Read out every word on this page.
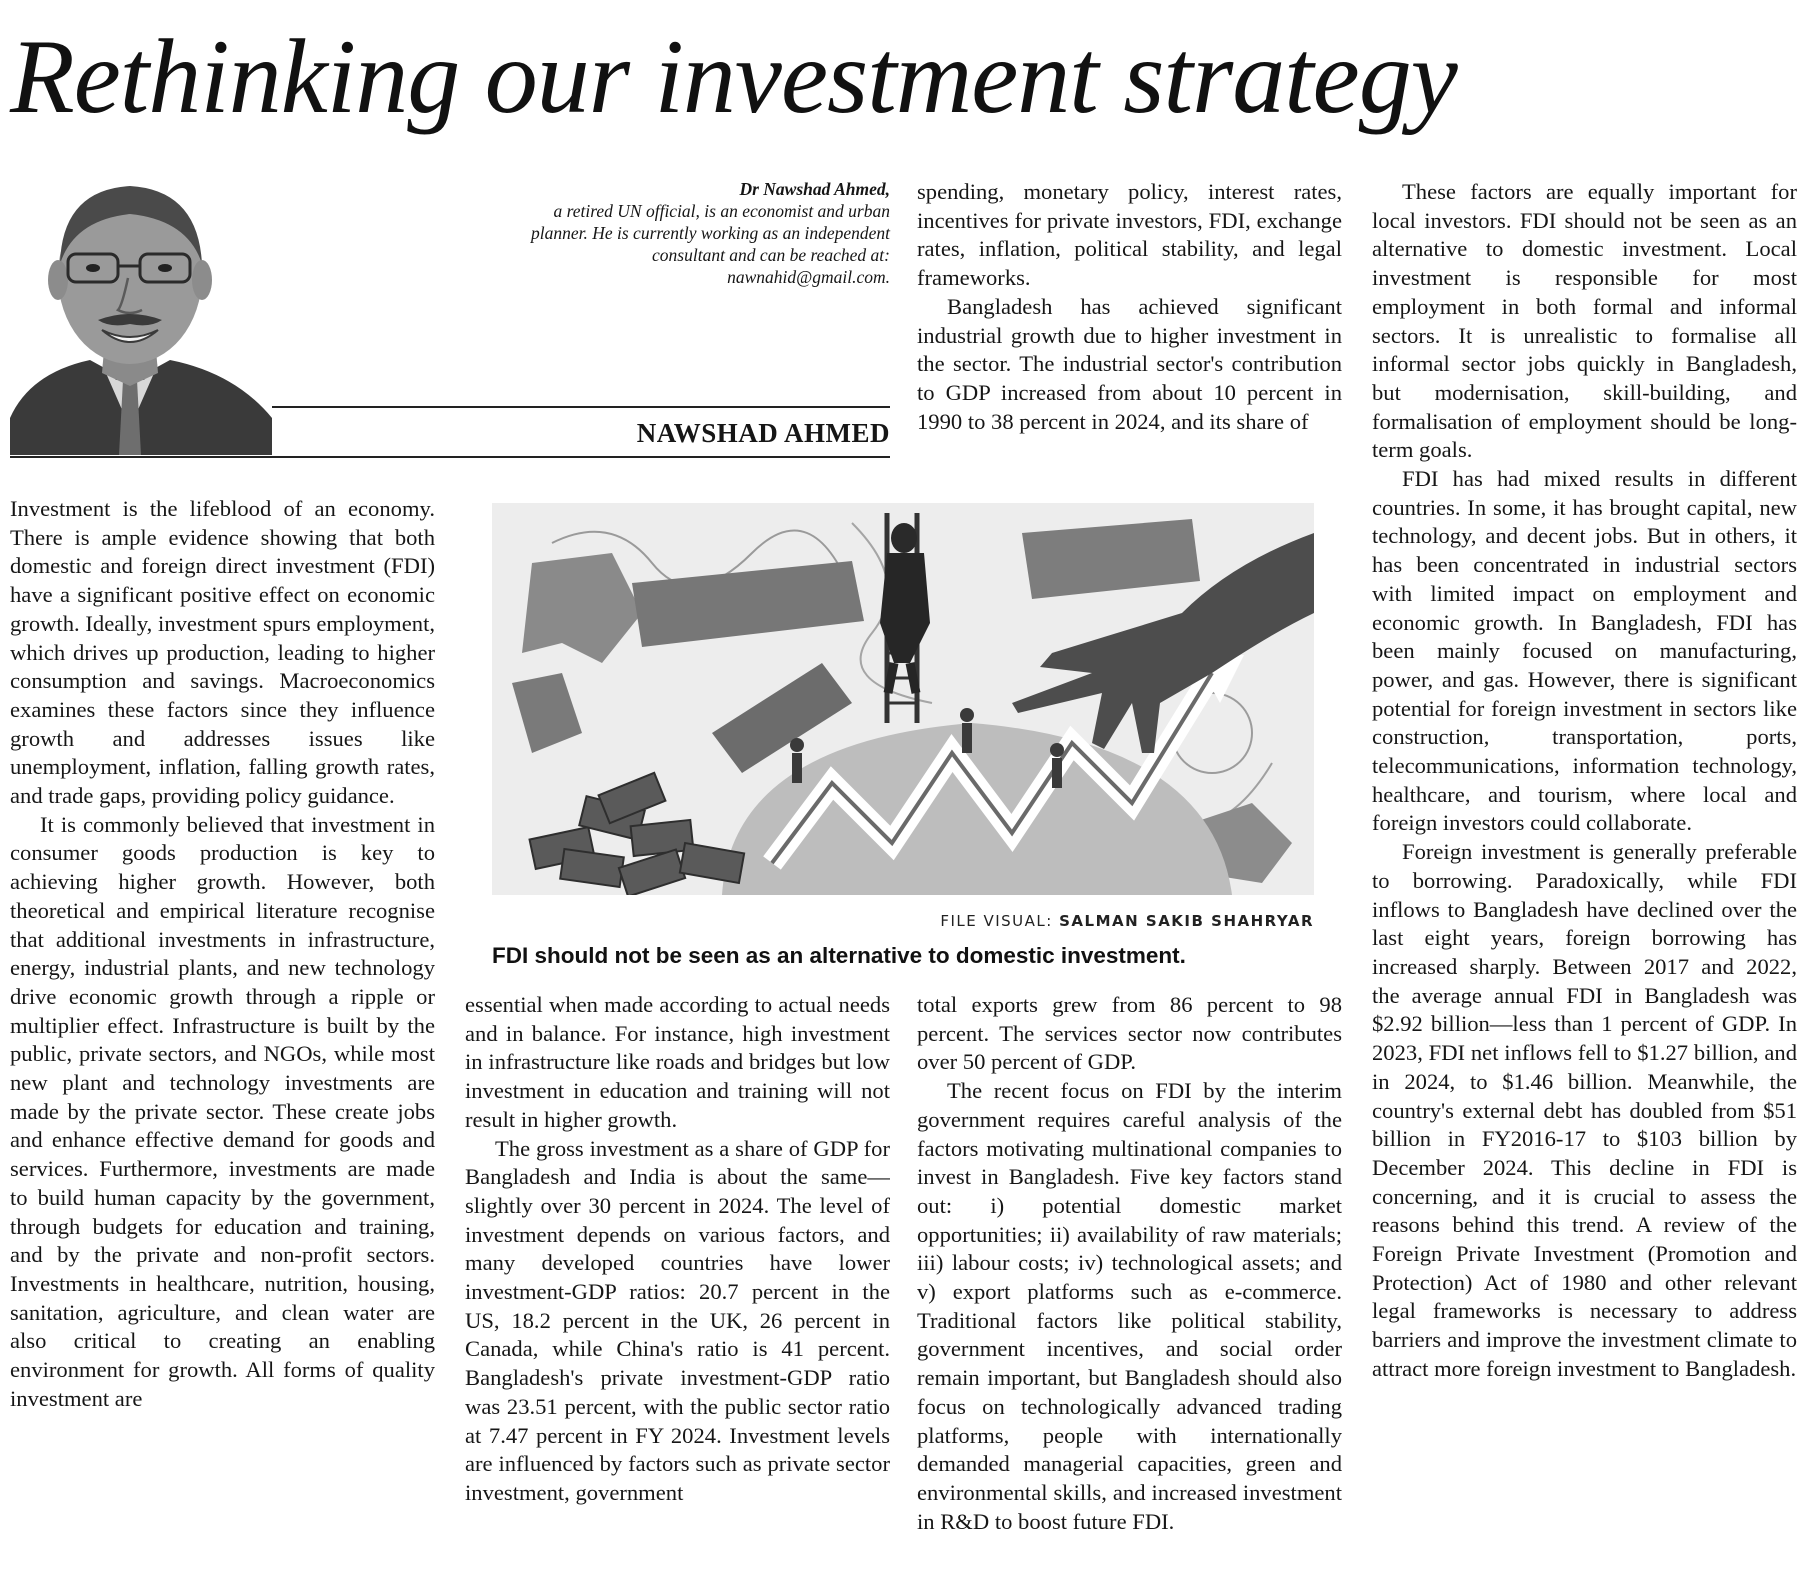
Rethinking our investment strategy
Dr Nawshad Ahmed,
a retired UN official, is an economist and urban planner. He is currently working as an independent consultant and can be reached at: nawnahid@gmail.com.
NAWSHAD AHMED

Investment is the lifeblood of an economy. There is ample evidence showing that both domestic and foreign direct investment (FDI) have a significant positive effect on economic growth. Ideally, investment spurs employment, which drives up production, leading to higher consumption and savings. Macroeconomics examines these factors since they influence growth and addresses issues like unemployment, inflation, falling growth rates, and trade gaps, providing policy guidance.

It is commonly believed that investment in consumer goods production is key to achieving higher growth. However, both theoretical and empirical literature recognise that additional investments in infrastructure, energy, industrial plants, and new technology drive economic growth through a ripple or multiplier effect. Infrastructure is built by the public, private sectors, and NGOs, while most new plant and technology investments are made by the private sector. These create jobs and enhance effective demand for goods and services. Furthermore, investments are made to build human capacity by the government, through budgets for education and training, and by the private and non-profit sectors. Investments in healthcare, nutrition, housing, sanitation, agriculture, and clean water are also critical to creating an enabling environment for growth. All forms of quality investment are

spending, monetary policy, interest rates, incentives for private investors, FDI, exchange rates, inflation, political stability, and legal frameworks.

Bangladesh has achieved significant industrial growth due to higher investment in the sector. The industrial sector's contribution to GDP increased from about 10 percent in 1990 to 38 percent in 2024, and its share of

FILE VISUAL: SALMAN SAKIB SHAHRYAR
FDI should not be seen as an alternative to domestic investment.

essential when made according to actual needs and in balance. For instance, high investment in infrastructure like roads and bridges but low investment in education and training will not result in higher growth.

The gross investment as a share of GDP for Bangladesh and India is about the same—slightly over 30 percent in 2024. The level of investment depends on various factors, and many developed countries have lower investment-GDP ratios: 20.7 percent in the US, 18.2 percent in the UK, 26 percent in Canada, while China's ratio is 41 percent. Bangladesh's private investment-GDP ratio was 23.51 percent, with the public sector ratio at 7.47 percent in FY 2024. Investment levels are influenced by factors such as private sector investment, government

total exports grew from 86 percent to 98 percent. The services sector now contributes over 50 percent of GDP.

The recent focus on FDI by the interim government requires careful analysis of the factors motivating multinational companies to invest in Bangladesh. Five key factors stand out: i) potential domestic market opportunities; ii) availability of raw materials; iii) labour costs; iv) technological assets; and v) export platforms such as e-commerce. Traditional factors like political stability, government incentives, and social order remain important, but Bangladesh should also focus on technologically advanced trading platforms, people with internationally demanded managerial capacities, green and environmental skills, and increased investment in R&D to boost future FDI.

These factors are equally important for local investors. FDI should not be seen as an alternative to domestic investment. Local investment is responsible for most employment in both formal and informal sectors. It is unrealistic to formalise all informal sector jobs quickly in Bangladesh, but modernisation, skill-building, and formalisation of employment should be long-term goals.

FDI has had mixed results in different countries. In some, it has brought capital, new technology, and decent jobs. But in others, it has been concentrated in industrial sectors with limited impact on employment and economic growth. In Bangladesh, FDI has been mainly focused on manufacturing, power, and gas. However, there is significant potential for foreign investment in sectors like construction, transportation, ports, telecommunications, information technology, healthcare, and tourism, where local and foreign investors could collaborate.

Foreign investment is generally preferable to borrowing. Paradoxically, while FDI inflows to Bangladesh have declined over the last eight years, foreign borrowing has increased sharply. Between 2017 and 2022, the average annual FDI in Bangladesh was $2.92 billion—less than 1 percent of GDP. In 2023, FDI net inflows fell to $1.27 billion, and in 2024, to $1.46 billion. Meanwhile, the country's external debt has doubled from $51 billion in FY2016-17 to $103 billion by December 2024. This decline in FDI is concerning, and it is crucial to assess the reasons behind this trend. A review of the Foreign Private Investment (Promotion and Protection) Act of 1980 and other relevant legal frameworks is necessary to address barriers and improve the investment climate to attract more foreign investment to Bangladesh.
